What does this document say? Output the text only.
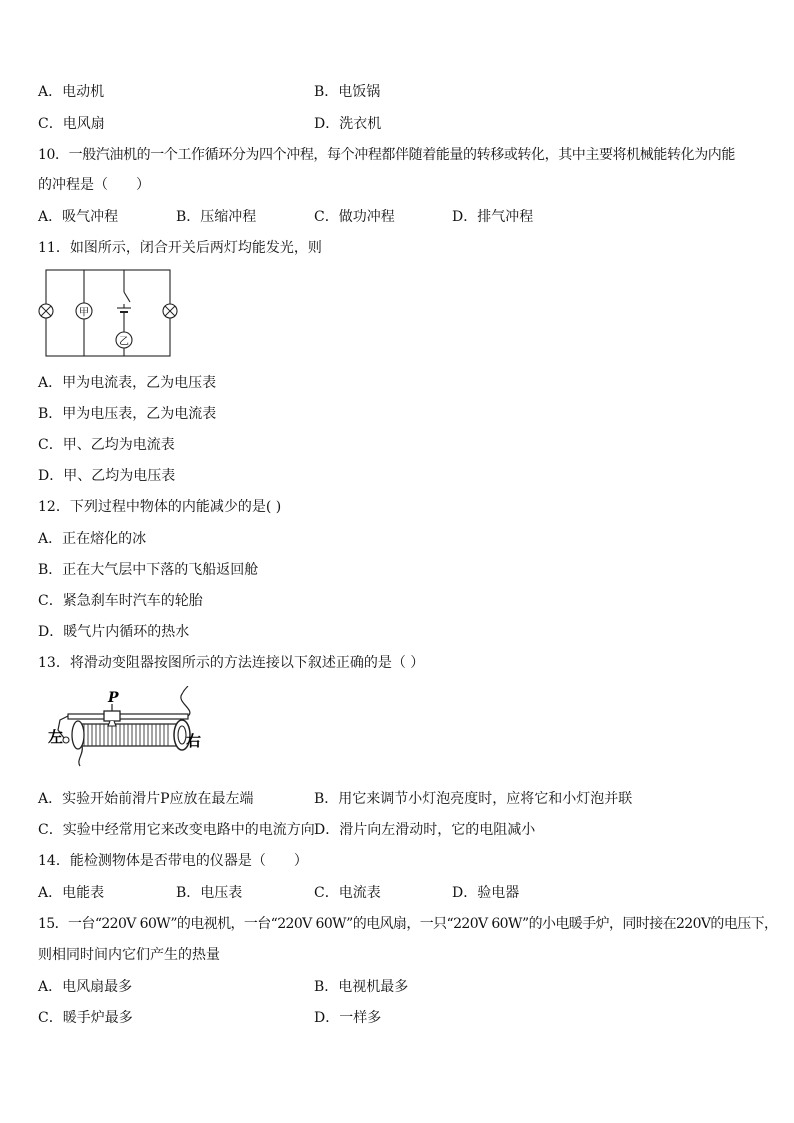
A．电动机	B．电饭锅
C．电风扇	D．洗衣机
10．一般汽油机的一个工作循环分为四个冲程，每个冲程都伴随着能量的转移或转化，其中主要将机械能转化为内能
的冲程是（　　）
A．吸气冲程	B．压缩冲程	C．做功冲程	D．排气冲程
11．如图所示，闭合开关后两灯均能发光，则
甲
乙
A．甲为电流表，乙为电压表
B．甲为电压表，乙为电流表
C．甲、乙均为电流表
D．甲、乙均为电压表
12．下列过程中物体的内能减少的是( )
A．正在熔化的冰
B．正在大气层中下落的飞船返回舱
C．紧急刹车时汽车的轮胎
D．暖气片内循环的热水
13．将滑动变阻器按图所示的方法连接以下叙述正确的是（ ）
P
左	右
A．实验开始前滑片P应放在最左端	B．用它来调节小灯泡亮度时，应将它和小灯泡并联
C．实验中经常用它来改变电路中的电流方向 D．滑片向左滑动时，它的电阻减小
14．能检测物体是否带电的仪器是（　　）
A．电能表	B．电压表	C．电流表	D．验电器
15．一台“220V 60W”的电视机，一台“220V 60W”的电风扇，一只“220V 60W”的小电暖手炉，同时接在220V的电压下，
则相同时间内它们产生的热量
A．电风扇最多	B．电视机最多
C．暖手炉最多	D．一样多
